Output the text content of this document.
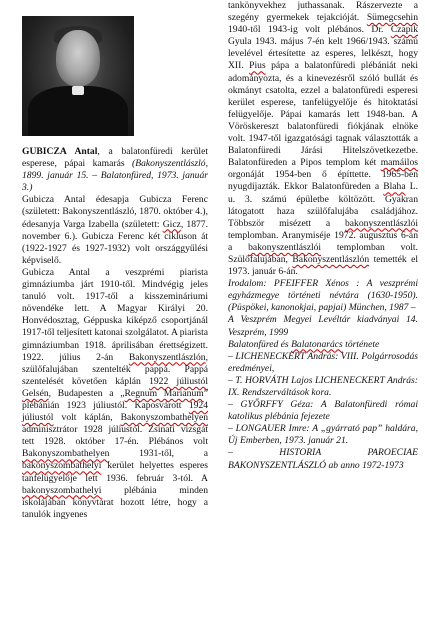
GUBICZA Antal, a balatonfüredi kerület esperese, pápai kamarás (Bakonyszentlászló, 1899. január 15. – Balatonfüred, 1973. január 3.)

Gubicza Antal édesapja Gubicza Ferenc (született: Bakonyszentlászló, 1870. október 4.), édesanyja Varga Izabella (született: Gicz, 1877. november 6.). Gubicza Ferenc két cikluson át (1922-1927 és 1927-1932) volt országgyűlési képviselő.

Gubicza Antal a veszprémi piarista gimnáziumba járt 1910-től. Mindvégig jeles tanuló volt. 1917-től a kisszemináriumi növendéke lett. A Magyar Királyi 20. Honvédosztag, Géppuska kiképző csoportjánál 1917-től teljesített katonai szolgálatot. A piarista gimnáziumban 1918. áprilisában érettségizett. 1922. július 2-án Bakonyszentlászlón, szülőfalujában szentelték pappá. Pappá szentelését követően káplán 1922 júliustól Gelsén, Budapesten a „Regnum Marianum” plébánián 1923 júliustól. Kaposvárott 1924 júliustól volt káplán, Bakonyszombathelyen adminisztrátor 1928 júliustól. Zsinati vizsgát tett 1928. október 17-én. Plébános volt Bakonyszombathelyen 1931-től, a bakonyszombathelyi kerület helyettes esperes tanfelügyelője lett 1936. február 3-tól. A bakonyszombathelyi plébánia minden iskolájában könyvtárat hozott létre, hogy a tanulók ingyenes

tankönyvekhez juthassanak. Rászervezte a szegény gyermekek tejakcióját. Sümegcsehin 1940-től 1943-ig volt plébános. Dr. Czapik Gyula 1943. május 7-én kelt 1966/1943. számú levelével értesítette az esperes, lelkészt, hogy XII. Pius pápa a balatonfüredi plébániát neki adományozta, és a kinevezésről szóló bullát és okmányt csatolta, ezzel a balatonfüredi esperesi kerület esperese, tanfelügyelője és hitoktatási felügyelője. Pápai kamarás lett 1948-ban. A Vöröskereszt balatonfüredi fiókjának elnöke volt. 1947-től igazgatósági tagnak választották a Balatonfüredi Járási Hitelszövetkezetbe. Balatonfüreden a Pipos templom két mamáilos orgonáját 1954-ben ő építtette. 1965-ben nyugdíjazták. Ekkor Balatonfüreden a Blaha L. u. 3. számú épületbe költözött. Gyakran látogatott haza szülőfalujába családjához. Többször misézett a bakonyszentlászlói templomban. Aranymiséje 1972. augusztus 6-án a bakonyszentlászlói templomban volt. Szülőfalujában, Bakonyszentlászlón temették el 1973. január 6-án.

Irodalom: PFEIFFER Xénos : A veszprémi egyházmegye történeti névtára (1630-1950). (Püspökei, kanonokjai, papjai) München, 1987 –

A Veszprém Megyei Levéltár kiadványai 14. Veszprém, 1999

Balatonfüred és Balatonarács története

– LICHENECKERT András: VIII. Polgárrosodás eredményei,

– T. HORVÁTH Lajos LICHENECKERT András: IX. Rendszerváltások kora.

– GYŐRFFY Géza: A Balatonfüredi római katolikus plébánia fejezete

– LONGAUER Imre: A „gyárrató pap” haldára, Új Emberben, 1973. január 21.

– HISTORIA PAROECIAE BAKONYSZENTLÁSZLÓ ab anno 1972-1973
